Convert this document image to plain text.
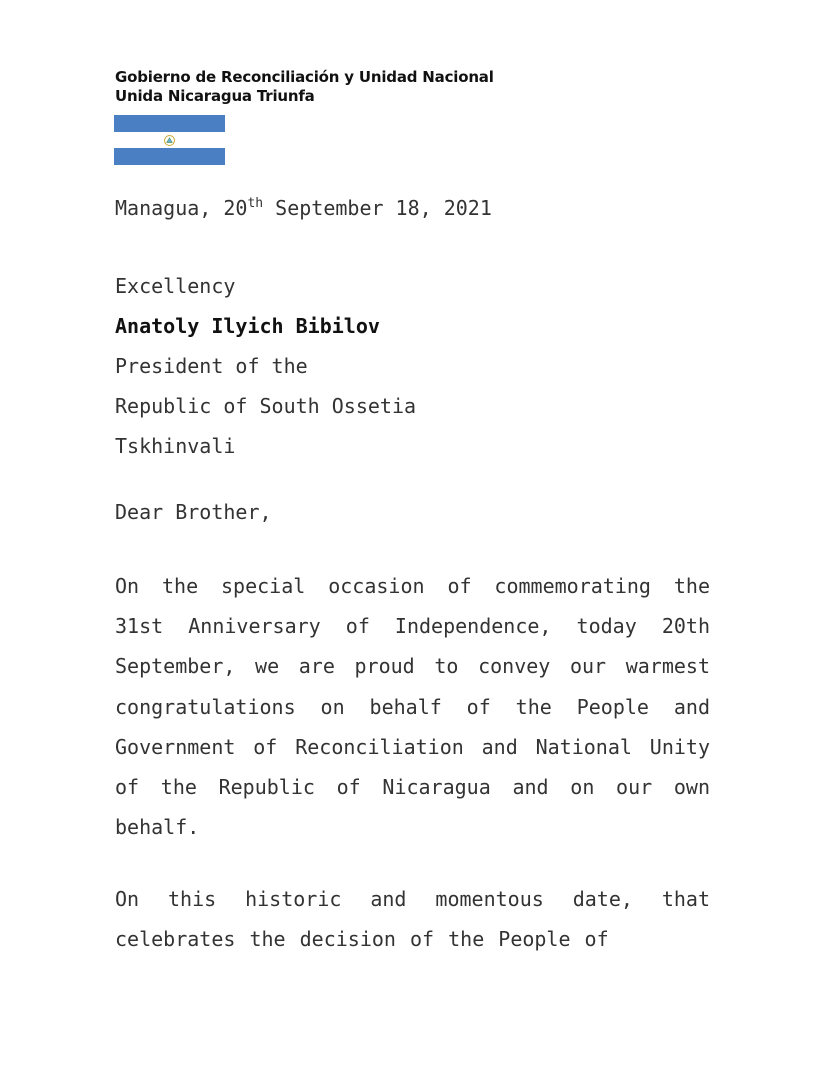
Gobierno de Reconciliación y Unidad Nacional
Unida Nicaragua Triunfa
Managua, 20th September 18, 2021
Excellency
Anatoly Ilyich Bibilov
President of the
Republic of South Ossetia
Tskhinvali
Dear Brother,
On the special occasion of commemorating the 31st Anniversary of Independence, today 20th September, we are proud to convey our warmest congratulations on behalf of the People and Government of Reconciliation and National Unity of the Republic of Nicaragua and on our own behalf.
On this historic and momentous date, that celebrates the decision of the People of
